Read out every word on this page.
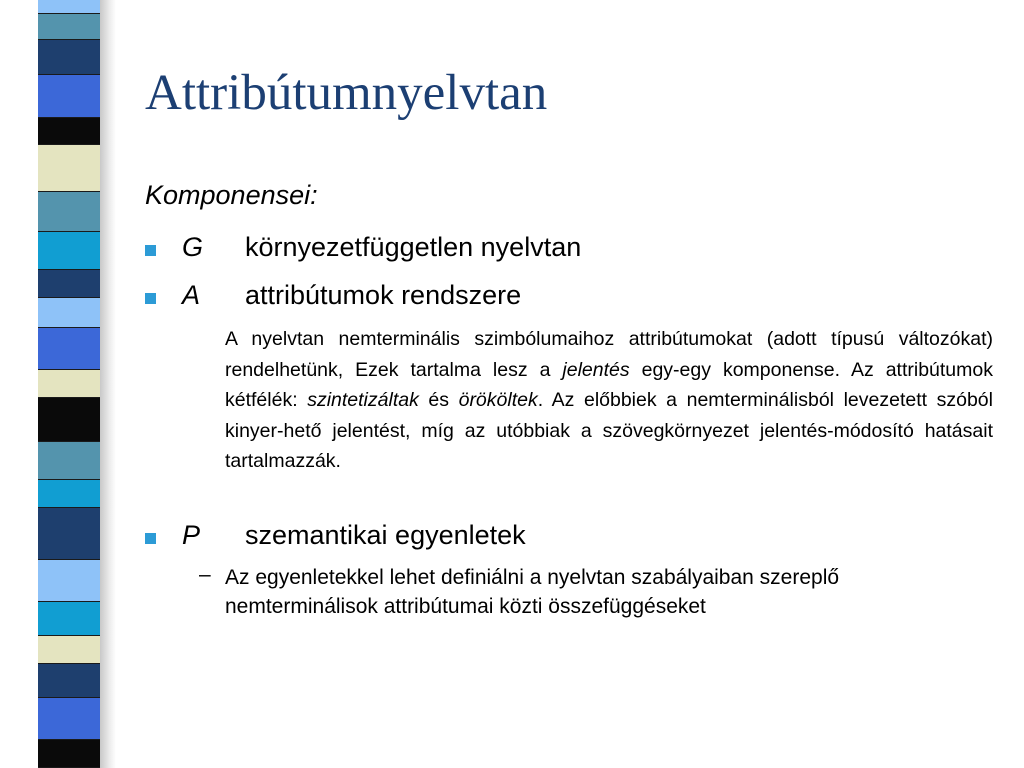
Attribútumnyelvtan
Komponensei:
G környezetfüggetlen nyelvtan
A attribútumok rendszere

A nyelvtan nemterminális szimbólumaihoz attribútumokat (adott típusú változókat) rendelhetünk, Ezek tartalma lesz a jelentés egy-egy komponense. Az attribútumok kétfélék: szintetizáltak és örököltek. Az előbbiek a nemterminálisból levezetett szóból kinyer-hető jelentést, míg az utóbbiak a szövegkörnyezet jelentés-módosító hatásait tartalmazzák.

P szemantikai egyenletek
– Az egyenletekkel lehet definiálni a nyelvtan szabályaiban szereplő nemterminálisok attribútumai közti összefüggéseket
